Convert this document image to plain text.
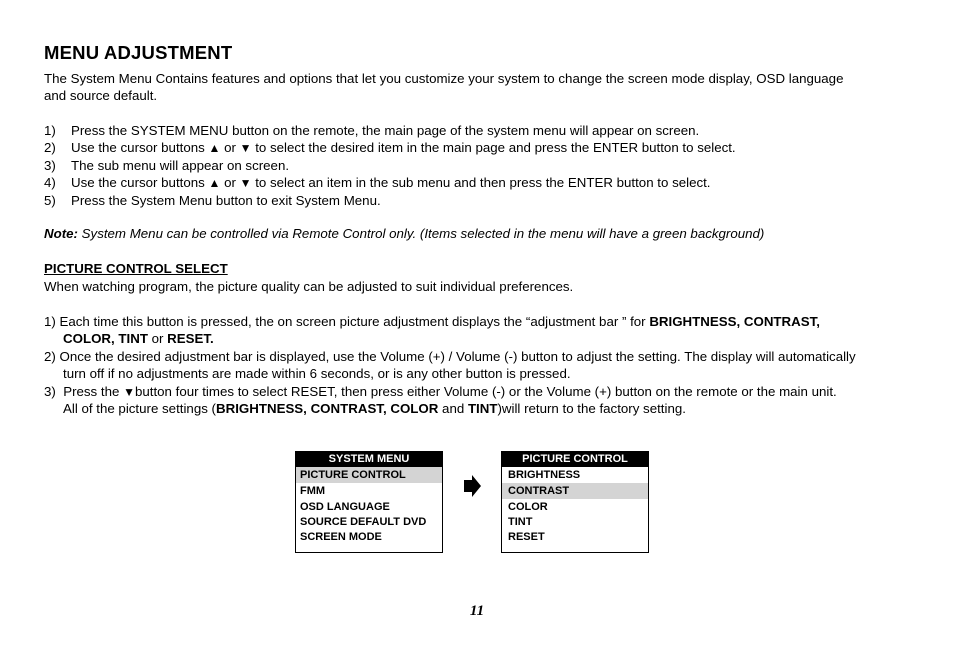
MENU ADJUSTMENT
The System Menu Contains features and options that let you customize your system to change the screen mode display, OSD language
and source default.
1) Press the SYSTEM MENU button on the remote, the main page of the system menu will appear on screen.
2) Use the cursor buttons ▲ or ▼ to select the desired item in the main page and press the ENTER button to select.
3) The sub menu will appear on screen.
4) Use the cursor buttons ▲ or ▼ to select an item in the sub menu and then press the ENTER button to select.
5) Press the System Menu button to exit System Menu.
Note: System Menu can be controlled via Remote Control only. (Items selected in the menu will have a green background)
PICTURE CONTROL SELECT
When watching program, the picture quality can be adjusted to suit individual preferences.
1) Each time this button is pressed, the on screen picture adjustment displays the “adjustment bar ” for BRIGHTNESS, CONTRAST,
COLOR, TINT or RESET.
2) Once the desired adjustment bar is displayed, use the Volume (+) / Volume (-) button to adjust the setting. The display will automatically
turn off if no adjustments are made within 6 seconds, or is any other button is pressed.
3)  Press the ▼button four times to select RESET, then press either Volume (-) or the Volume (+) button on the remote or the main unit.
All of the picture settings (BRIGHTNESS, CONTRAST, COLOR and TINT)will return to the factory setting.
SYSTEM MENU
PICTURE CONTROL
FMM
OSD LANGUAGE
SOURCE DEFAULT DVD
SCREEN MODE
PICTURE CONTROL
BRIGHTNESS
CONTRAST
COLOR
TINT
RESET
11
